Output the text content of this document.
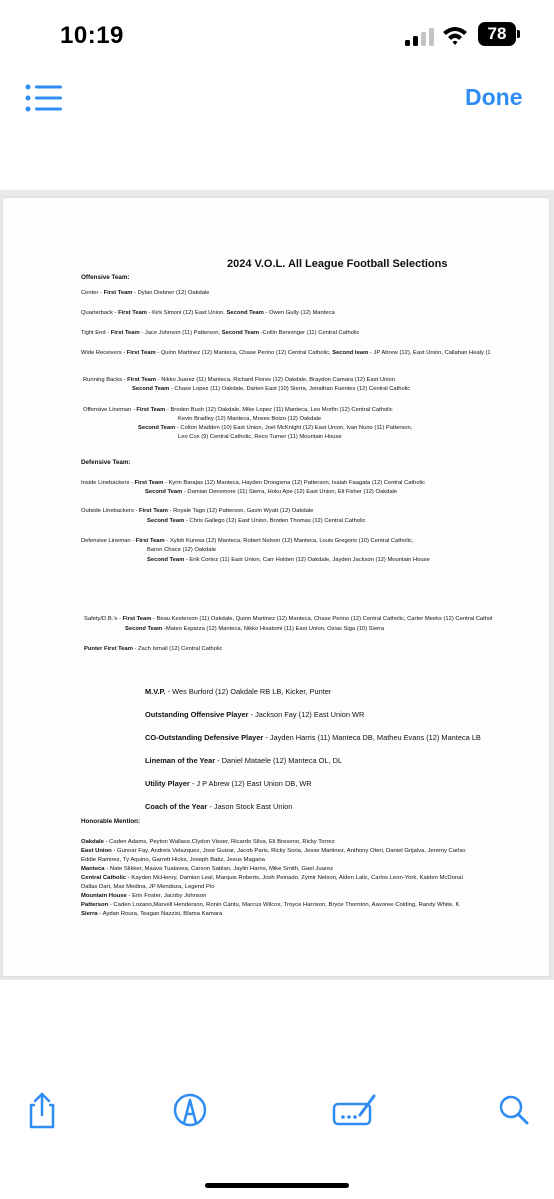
10:19	78
Done
2024 V.O.L. All League Football Selections
Offensive Team:
Center - First Team - Dylan Diebner (12) Oakdale
Quarterback - First Team - Kirk Simoni (12) East Union. Second Team - Owen Gully (12) Manteca
Tight End - First Team - Jace Johnson (11) Patterson, Second Team -Collin Benninger (11) Central Catholic
Wide Receivers - First Team - Quinn Martinez (12) Manteca, Chase Perino (12) Central Catholic, Second team - JP Abrew (12), East Union, Callahan Healy (1
Running Backs - First Team - Nikko Juarez (11) Manteca, Richard Flores (12) Oakdale, Braydon Camara (12) East Union
Second Team - Chase Lopez (11) Oakdale, Darien East (10) Sierra, Jonathan Fuentes (12) Central Catholic
Offensive Lineman - First Team - Broden Bush (12) Oakdale, Mike Lopez (11) Manteca, Leo Morfin (12) Central Catholic
Kevin Bradley (12) Manteca, Moses Boizo (12) Oakdale
Second Team - Colton Madden (10) East Union, Joel McKnight (12) East Union, Ivan Nuno (11) Patterson,
Leo Cox (9) Central Catholic, Reco Turner (11) Mountain House
Defensive Team:
Inside Linebackers - First Team - Kyrin Barajas (12) Manteca, Hayden Droogsma (12) Patterson, Isaiah Faagata (12) Central Catholic
Second Team - Damian Densmore (11) Sierra, Hoku Ape (12) East Union, Eli Fisher (12) Oakdale
Outside Linebackers - First Team - Royale Tago (12) Patterson, Gavin Wyatt (12) Oakdale
Second Team - Chris Gallego (12) East Union, Broden Thomas (12) Central Catholic
Defensive Lineman - First Team - Xyloh Kuresa (12) Manteca, Robert Nelson (12) Manteca, Louis Gregoris (10) Central Catholic,
Baron Chace (12) Oakdale
Second Team - Erik Cortez (11) East Union, Carr Holden (12) Oakdale, Jayden Jackson (12) Mountain House
Safety/D.B.'s - First Team - Beau Kesterson (11) Oakdale, Quinn Martinez (12) Manteca, Chase Perino (12) Central Catholic, Carter Meeks (12) Central Cathol
Second Team -Mateo Esparza (12) Manteca, Nikko Hisatomi (11) East Union, Ozias Siga (10) Sierra
Punter First Team - Zach Ismail (12) Central Catholic
M.V.P. - Wes Burford (12) Oakdale RB LB, Kicker, Punter
Outstanding Offensive Player - Jackson Fay (12) East Union WR
CO-Outstanding Defensive Player - Jayden Harris (11) Manteca DB, Matheu Evans (12) Manteca LB
Lineman of the Year - Daniel Mataele (12) Manteca OL, DL
Utility Player - J P Abrew (12) East Union DB, WR
Coach of the Year - Jason Stock East Union
Honorable Mention:
Oakdale - Caden Adams, Peyton Wallace,Clydon Visser, Ricardo Silva, Eli Breseno, Ricky Torrez
East Union - Gunnar Fay, Andreis Velazquez, Jose Guizar, Jacob Paris, Ricky Soria, Jesse Martinez, Anthony Oteri, Daniel Grijalva, Jeremy Carlso
Eddie Ramirez, Ty Aquino, Garrett Hicks, Joseph Batiz, Jesus Magana
Manteca - Nate Slikker, Maava Tualavea, Carson Sablan, Jaylin Harris, Mike Smith, Gael Juarez
Central Catholic - Kayden McHenry, Damian Leal, Marquis Roberts, Josh Peinado, Zymir Nelson, Aiden Lalic, Carlos Leon-York, Kaiden McDonal
Dallas Dart, Max Medina, JP Mendoza, Legend Pio
Mountain House - Erin Foster, Jacoby Johnson
Patterson - Caden Lozano,Marvell Henderson, Ronin Cantu, Marcus Wilcox, Troyce Harrison, Bryce Thornton, Aavoree Colding, Randy White, K
Sierra - Aydan Roura, Teagan Nazzisi, Blama Kamara
